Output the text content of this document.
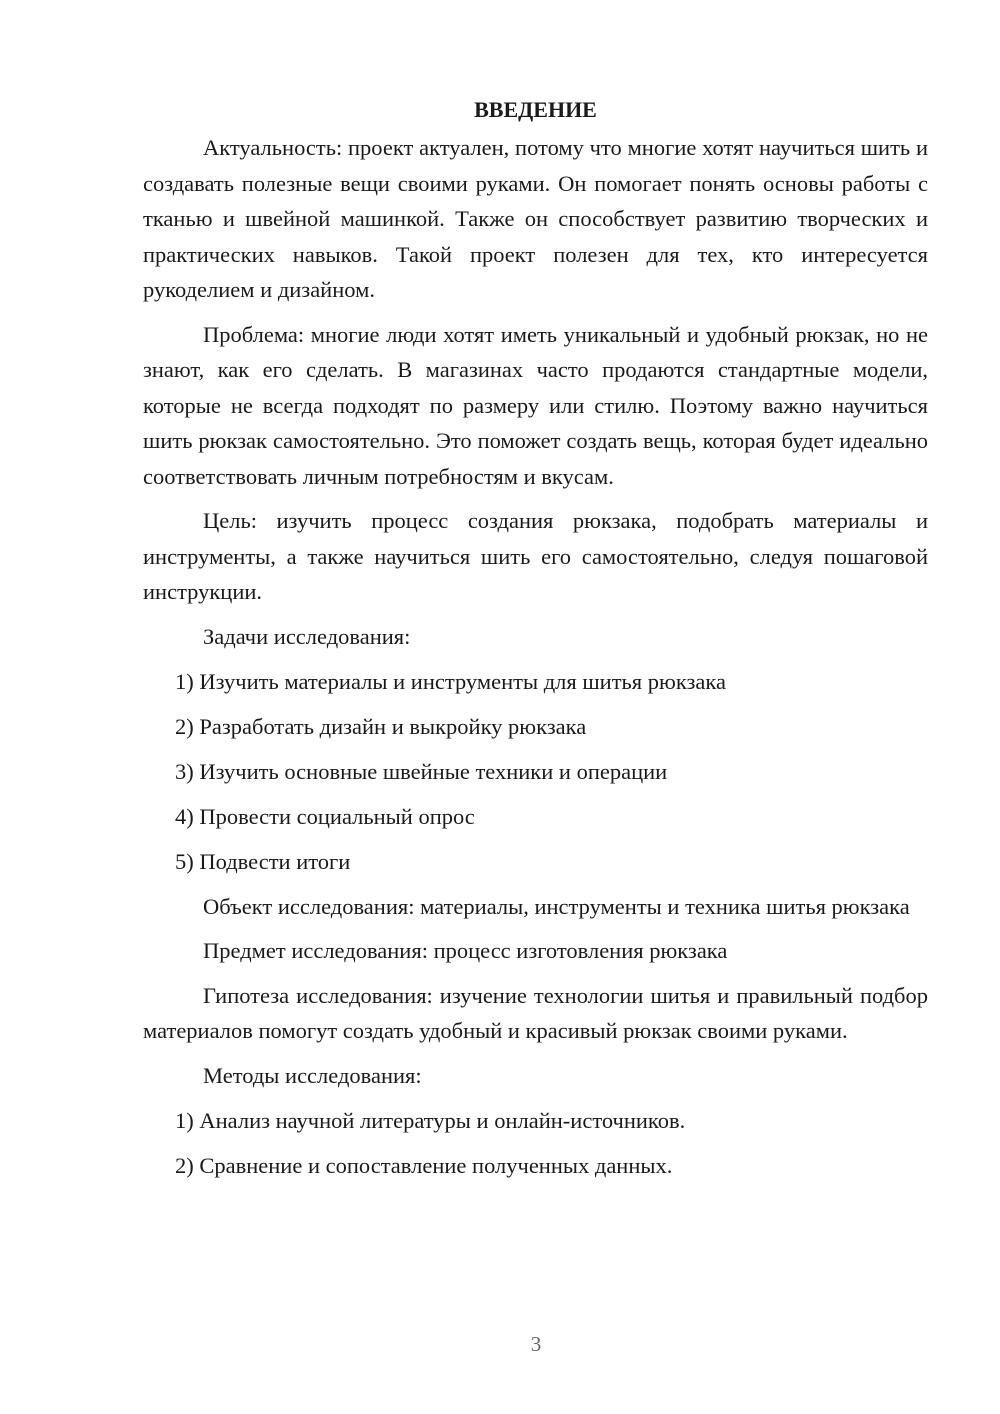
ВВЕДЕНИЕ

Актуальность: проект актуален, потому что многие хотят научиться шить и создавать полезные вещи своими руками. Он помогает понять основы работы с тканью и швейной машинкой. Также он способствует развитию творческих и практических навыков. Такой проект полезен для тех, кто интересуется рукоделием и дизайном.

Проблема: многие люди хотят иметь уникальный и удобный рюкзак, но не знают, как его сделать. В магазинах часто продаются стандартные модели, которые не всегда подходят по размеру или стилю. Поэтому важно научиться шить рюкзак самостоятельно. Это поможет создать вещь, которая будет идеально соответствовать личным потребностям и вкусам.

Цель: изучить процесс создания рюкзака, подобрать материалы и инструменты, а также научиться шить его самостоятельно, следуя пошаговой инструкции.

Задачи исследования:
1) Изучить материалы и инструменты для шитья рюкзака
2) Разработать дизайн и выкройку рюкзака
3) Изучить основные швейные техники и операции
4) Провести социальный опрос
5) Подвести итоги

Объект исследования: материалы, инструменты и техника шитья рюкзака

Предмет исследования: процесс изготовления рюкзака

Гипотеза исследования: изучение технологии шитья и правильный подбор материалов помогут создать удобный и красивый рюкзак своими руками.

Методы исследования:
1) Анализ научной литературы и онлайн-источников.
2) Сравнение и сопоставление полученных данных.
3
